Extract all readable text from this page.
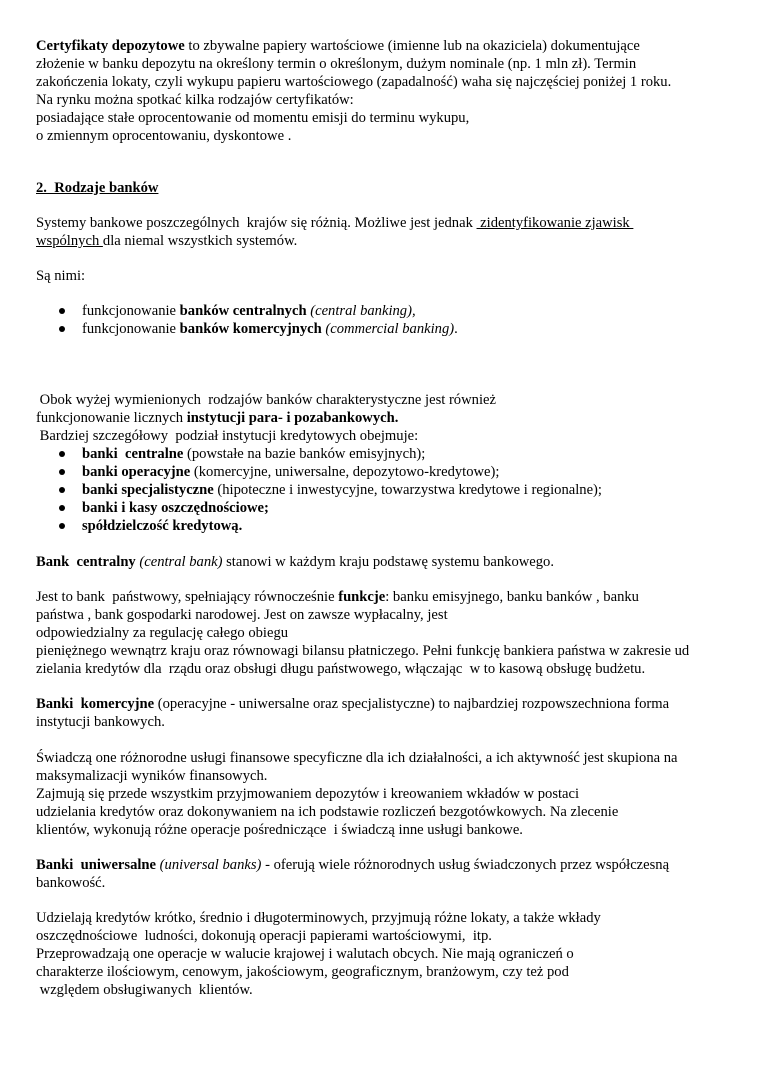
Certyfikaty depozytowe to zbywalne papiery wartościowe (imienne lub na okaziciela) dokumentujące
złożenie w banku depozytu na określony termin o określonym, dużym nominale (np. 1 mln zł). Termin
zakończenia lokaty, czyli wykupu papieru wartościowego (zapadalność) waha się najczęściej poniżej 1 roku.
Na rynku można spotkać kilka rodzajów certyfikatów:
posiadające stałe oprocentowanie od momentu emisji do terminu wykupu,
o zmiennym oprocentowaniu, dyskontowe .
2.  Rodzaje banków
Systemy bankowe poszczególnych  krajów się różnią. Możliwe jest jednak  zidentyfikowanie zjawisk
wspólnych dla niemal wszystkich systemów.
Są nimi:
funkcjonowanie banków centralnych (central banking),
funkcjonowanie banków komercyjnych (commercial banking).
Obok wyżej wymienionych  rodzajów banków charakterystyczne jest również
funkcjonowanie licznych instytucji para- i pozabankowych.
Bardziej szczegółowy  podział instytucji kredytowych obejmuje:
banki  centralne (powstałe na bazie banków emisyjnych);
banki operacyjne (komercyjne, uniwersalne, depozytowo-kredytowe);
banki specjalistyczne (hipoteczne i inwestycyjne, towarzystwa kredytowe i regionalne);
banki i kasy oszczędnościowe;
spółdzielczość kredytową.
Bank  centralny (central bank) stanowi w każdym kraju podstawę systemu bankowego.
Jest to bank  państwowy, spełniający równocześnie funkcje: banku emisyjnego, banku banków , banku
państwa , bank gospodarki narodowej. Jest on zawsze wypłacalny, jest
odpowiedzialny za regulację całego obiegu
pieniężnego wewnątrz kraju oraz równowagi bilansu płatniczego. Pełni funkcję bankiera państwa w zakresie ud
zielania kredytów dla  rządu oraz obsługi długu państwowego, włączając  w to kasową obsługę budżetu.
Banki  komercyjne (operacyjne - uniwersalne oraz specjalistyczne) to najbardziej rozpowszechniona forma
instytucji bankowych.
Świadczą one różnorodne usługi finansowe specyficzne dla ich działalności, a ich aktywność jest skupiona na
maksymalizacji wyników finansowych.
Zajmują się przede wszystkim przyjmowaniem depozytów i kreowaniem wkładów w postaci
udzielania kredytów oraz dokonywaniem na ich podstawie rozliczeń bezgotówkowych. Na zlecenie
klientów, wykonują różne operacje pośredniczące  i świadczą inne usługi bankowe.
Banki  uniwersalne (universal banks) - oferują wiele różnorodnych usług świadczonych przez współczesną
bankowość.
Udzielają kredytów krótko, średnio i długoterminowych, przyjmują różne lokaty, a także wkłady
oszczędnościowe  ludności, dokonują operacji papierami wartościowymi,  itp.
Przeprowadzają one operacje w walucie krajowej i walutach obcych. Nie mają ograniczeń o
charakterze ilościowym, cenowym, jakościowym, geograficznym, branżowym, czy też pod
względem obsługiwanych  klientów.
